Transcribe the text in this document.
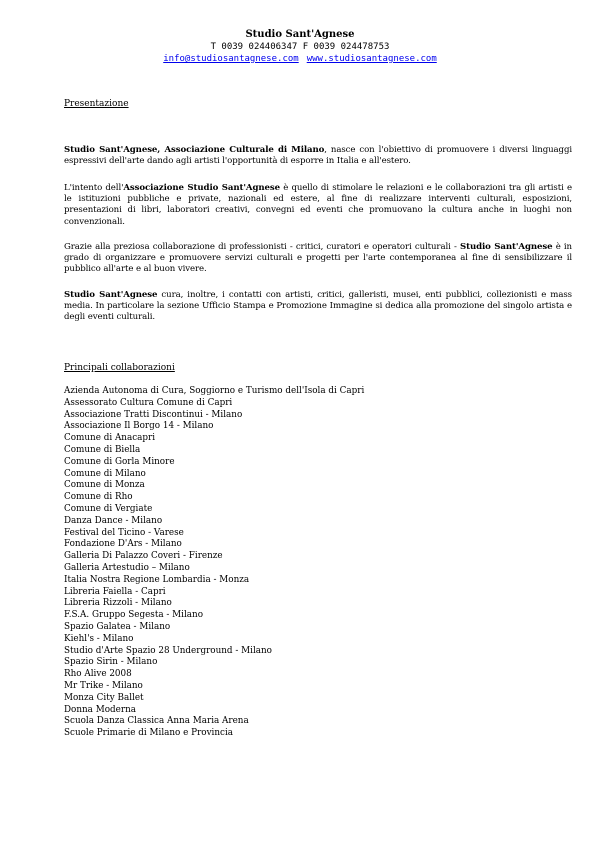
Studio Sant'Agnese
T 0039 024406347 F 0039 024478753
info@studiosantagnese.com www.studiosantagnese.com
Presentazione
Studio Sant'Agnese, Associazione Culturale di Milano, nasce con l'obiettivo di promuovere i diversi linguaggi espressivi dell'arte dando agli artisti l'opportunità di esporre in Italia e all'estero.
L'intento dell'Associazione Studio Sant'Agnese è quello di stimolare le relazioni e le collaborazioni tra gli artisti e le istituzioni pubbliche e private, nazionali ed estere, al fine di realizzare interventi culturali, esposizioni, presentazioni di libri, laboratori creativi, convegni ed eventi che promuovano la cultura anche in luoghi non convenzionali.
Grazie alla preziosa collaborazione di professionisti - critici, curatori e operatori culturali - Studio Sant'Agnese è in grado di organizzare e promuovere servizi culturali e progetti per l'arte contemporanea al fine di sensibilizzare il pubblico all'arte e al buon vivere.
Studio Sant'Agnese cura, inoltre, i contatti con artisti, critici, galleristi, musei, enti pubblici, collezionisti e mass media. In particolare la sezione Ufficio Stampa e Promozione Immagine si dedica alla promozione del singolo artista e degli eventi culturali.
Principali collaborazioni
Azienda Autonoma di Cura, Soggiorno e Turismo dell'Isola di Capri
Assessorato Cultura Comune di Capri
Associazione Tratti Discontinui - Milano
Associazione Il Borgo 14 - Milano
Comune di Anacapri
Comune di Biella
Comune di Gorla Minore
Comune di Milano
Comune di Monza
Comune di Rho
Comune di Vergiate
Danza Dance - Milano
Festival del Ticino - Varese
Fondazione D'Ars - Milano
Galleria Di Palazzo Coveri - Firenze
Galleria Artestudio – Milano
Italia Nostra Regione Lombardia - Monza
Libreria Faiella - Capri
Libreria Rizzoli - Milano
F.S.A. Gruppo Segesta - Milano
Spazio Galatea - Milano
Kiehl's - Milano
Studio d'Arte Spazio 28 Underground - Milano
Spazio Sirin - Milano
Rho Alive 2008
Mr Trike - Milano
Monza City Ballet
Donna Moderna
Scuola Danza Classica Anna Maria Arena
Scuole Primarie di Milano e Provincia
